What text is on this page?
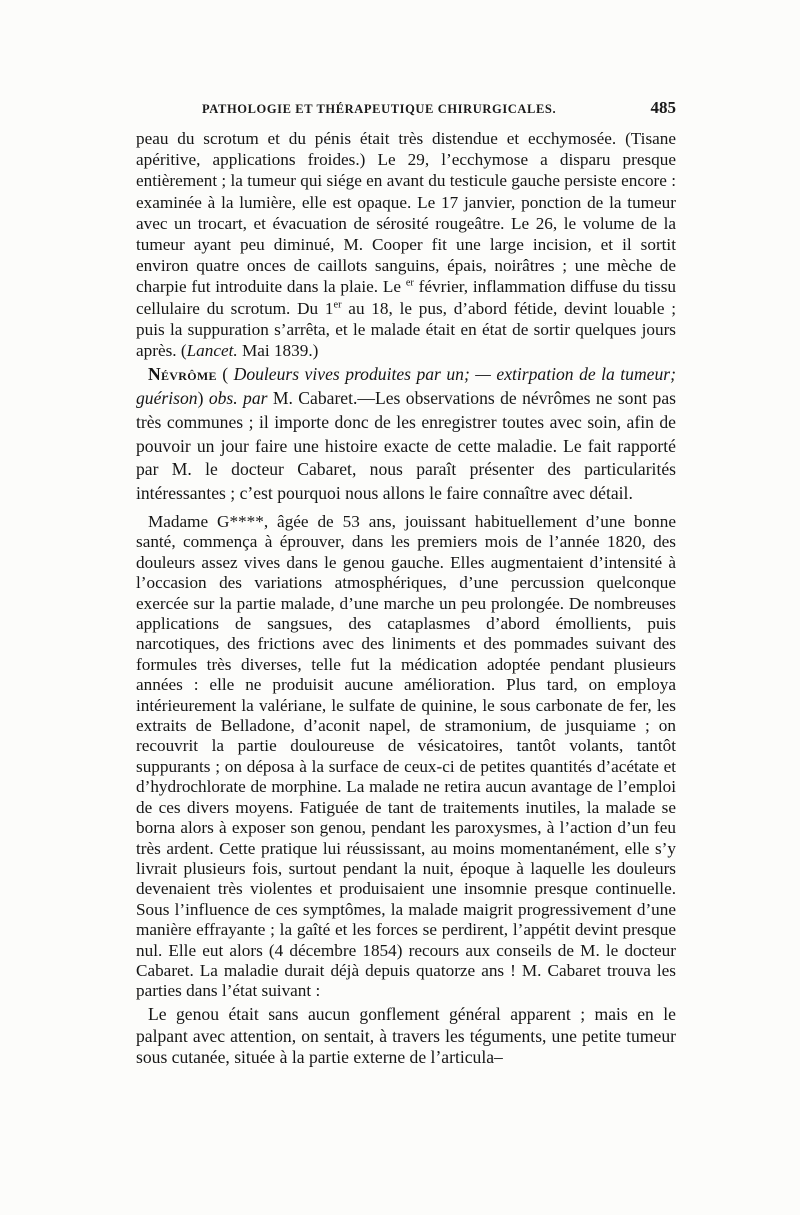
PATHOLOGIE ET THÉRAPEUTIQUE CHIRURGICALES.	485

peau du scrotum et du pénis était très distendue et ecchymosée. (Tisane apéritive, applications froides.) Le 29, l’ecchymose a disparu presque entièrement ; la tumeur qui siége en avant du testicule gauche persiste encore : examinée à la lumière, elle est opaque. Le 17 janvier, ponction de la tumeur avec un trocart, et évacuation de sérosité rougeâtre. Le 26, le volume de la tumeur ayant peu diminué, M. Cooper fit une large incision, et il sortit environ quatre onces de caillots sanguins, épais, noirâtres ; une mèche de charpie fut introduite dans la plaie. Le $^{er}$ février, inflammation diffuse du tissu cellulaire du scrotum. Du 1er au 18, le pus, d’abord fétide, devint louable ; puis la suppuration s’arrêta, et le malade était en état de sortir quelques jours après. (Lancet. Mai 1839.)

Névrôme ( Douleurs vives produites par un; — extirpation de la tumeur; guérison) obs. par M. Cabaret.—Les observations de névrômes ne sont pas très communes ; il importe donc de les enregistrer toutes avec soin, afin de pouvoir un jour faire une histoire exacte de cette maladie. Le fait rapporté par M. le docteur Cabaret, nous paraît présenter des particularités intéressantes ; c’est pourquoi nous allons le faire connaître avec détail.

Madame G****, âgée de 53 ans, jouissant habituellement d’une bonne santé, commença à éprouver, dans les premiers mois de l’année 1820, des douleurs assez vives dans le genou gauche. Elles augmentaient d’intensité à l’occasion des variations atmosphériques, d’une percussion quelconque exercée sur la partie malade, d’une marche un peu prolongée. De nombreuses applications de sangsues, des cataplasmes d’abord émollients, puis narcotiques, des frictions avec des liniments et des pommades suivant des formules très diverses, telle fut la médication adoptée pendant plusieurs années : elle ne produisit aucune amélioration. Plus tard, on employa intérieurement la valériane, le sulfate de quinine, le sous carbonate de fer, les extraits de Belladone, d’aconit napel, de stramonium, de jusquiame ; on recouvrit la partie douloureuse de vésicatoires, tantôt volants, tantôt suppurants ; on déposa à la surface de ceux-ci de petites quantités d’acétate et d’hydrochlorate de morphine. La malade ne retira aucun avantage de l’emploi de ces divers moyens. Fatiguée de tant de traitements inutiles, la malade se borna alors à exposer son genou, pendant les paroxysmes, à l’action d’un feu très ardent. Cette pratique lui réussissant, au moins momentanément, elle s’y livrait plusieurs fois, surtout pendant la nuit, époque à laquelle les douleurs devenaient très violentes et produisaient une insomnie presque continuelle. Sous l’influence de ces symptômes, la malade maigrit progressivement d’une manière effrayante ; la gaîté et les forces se perdirent, l’appétit devint presque nul. Elle eut alors (4 décembre 1854) recours aux conseils de M. le docteur Cabaret. La maladie durait déjà depuis quatorze ans ! M. Cabaret trouva les parties dans l’état suivant :

Le genou était sans aucun gonflement général apparent ; mais en le palpant avec attention, on sentait, à travers les téguments, une petite tumeur sous cutanée, située à la partie externe de l’articula–
